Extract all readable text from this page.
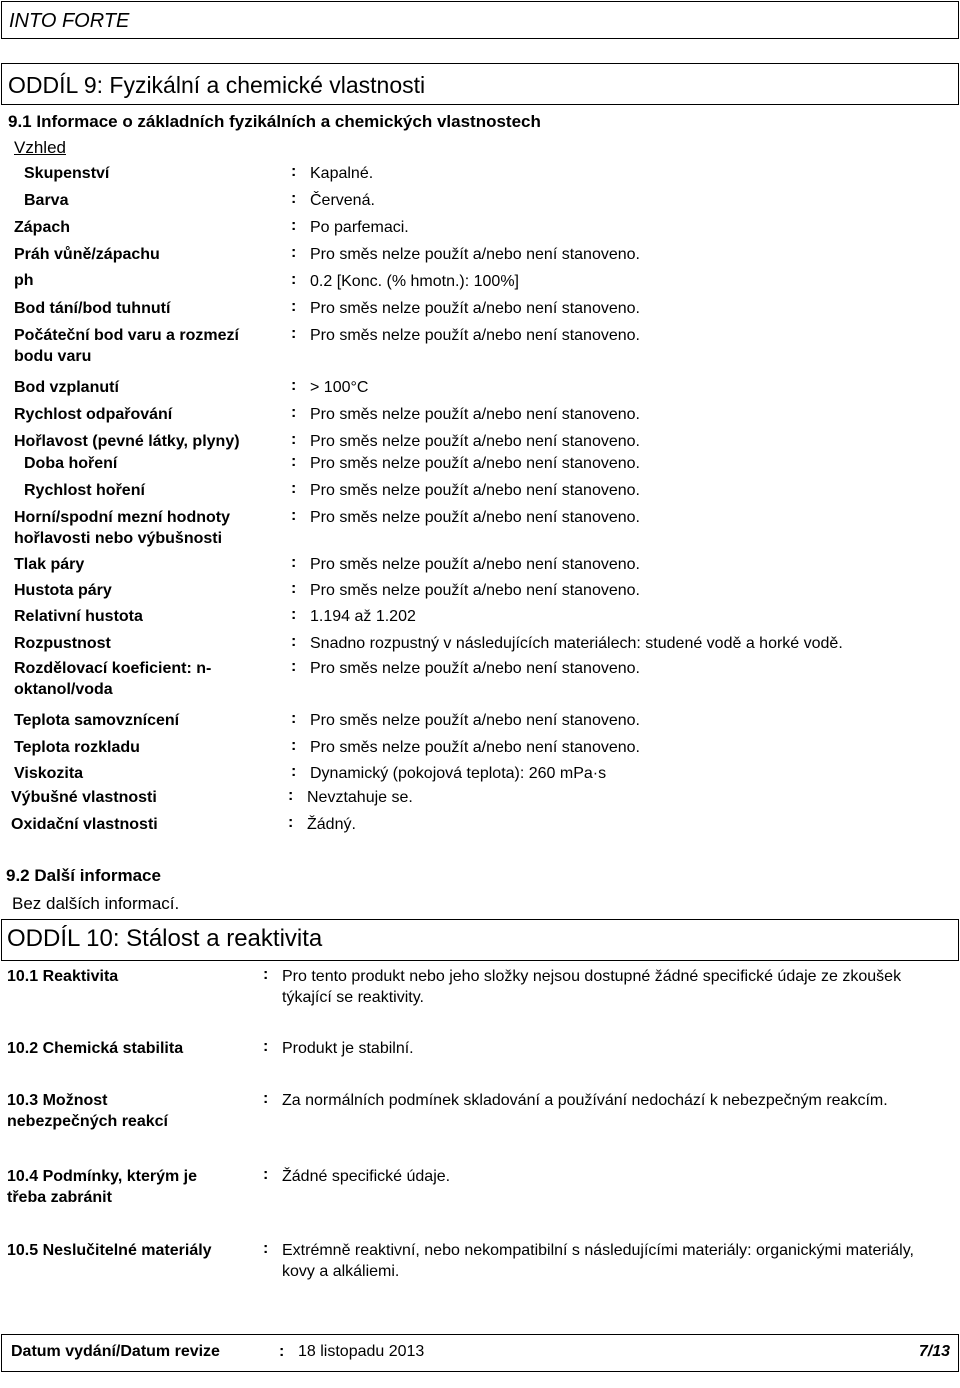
INTO FORTE
ODDÍL 9: Fyzikální a chemické vlastnosti
9.1 Informace o základních fyzikálních a chemických vlastnostech
Vzhled
Skupenství	: Kapalné.
Barva	: Červená.
Zápach	: Po parfemaci.
Práh vůně/zápachu	: Pro směs nelze použít a/nebo není stanoveno.
ph	: 0.2 [Konc. (% hmotn.): 100%]
Bod tání/bod tuhnutí	: Pro směs nelze použít a/nebo není stanoveno.
Počáteční bod varu a rozmezí bodu varu
: Pro směs nelze použít a/nebo není stanoveno.
Bod vzplanutí	: > 100°C
Rychlost odpařování	: Pro směs nelze použít a/nebo není stanoveno.
Hořlavost (pevné látky, plyny)	: Pro směs nelze použít a/nebo není stanoveno.
Doba hoření	: Pro směs nelze použít a/nebo není stanoveno.
Rychlost hoření	: Pro směs nelze použít a/nebo není stanoveno.
Horní/spodní mezní hodnoty hořlavosti nebo výbušnosti
: Pro směs nelze použít a/nebo není stanoveno.
Tlak páry	: Pro směs nelze použít a/nebo není stanoveno.
Hustota páry	: Pro směs nelze použít a/nebo není stanoveno.
Relativní hustota	: 1.194 až 1.202
Rozpustnost	: Snadno rozpustný v následujících materiálech: studené vodě a horké vodě.
Rozdělovací koeficient: n-oktanol/voda
: Pro směs nelze použít a/nebo není stanoveno.
Teplota samovznícení	: Pro směs nelze použít a/nebo není stanoveno.
Teplota rozkladu	: Pro směs nelze použít a/nebo není stanoveno.
Viskozita	: Dynamický (pokojová teplota): 260 mPa·s
Výbušné vlastnosti	: Nevztahuje se.
Oxidační vlastnosti	: Žádný.
9.2 Další informace
Bez dalších informací.
ODDÍL 10: Stálost a reaktivita
10.1 Reaktivita	: Pro tento produkt nebo jeho složky nejsou dostupné žádné specifické údaje ze zkoušek týkající se reaktivity.
10.2 Chemická stabilita	: Produkt je stabilní.
10.3 Možnost nebezpečných reakcí
: Za normálních podmínek skladování a používání nedochází k nebezpečným reakcím.
10.4 Podmínky, kterým je třeba zabránit
: Žádné specifické údaje.
10.5 Neslučitelné materiály	: Extrémně reaktivní, nebo nekompatibilní s následujícími materiály: organickými materiály, kovy a alkáliemi.
Datum vydání/Datum revize	: 18 listopadu 2013	7/13
